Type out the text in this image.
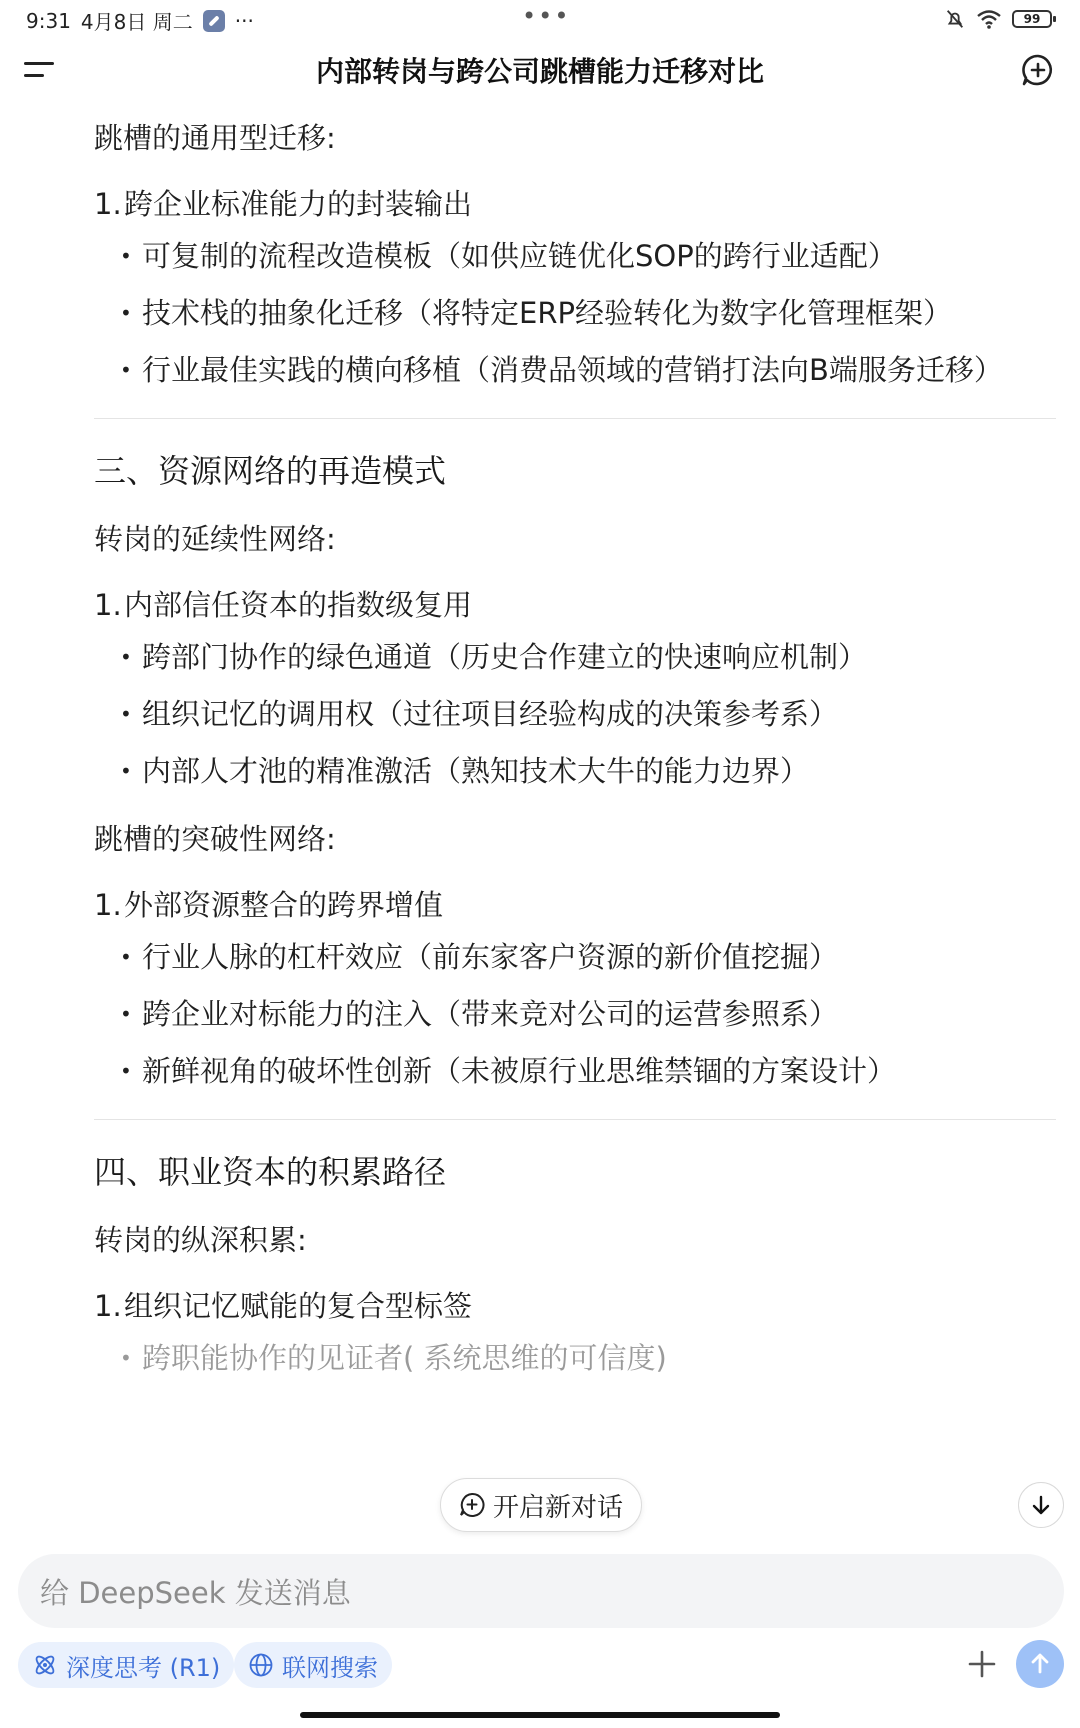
9:31 4月8日 周二 ···	•••	99
内部转岗与跨公司跳槽能力迁移对比
跳槽的通用型迁移:
1. 跨企业标准能力的封装输出
• 可复制的流程改造模板（如供应链优化SOP的跨行业适配）
• 技术栈的抽象化迁移（将特定ERP经验转化为数字化管理框架）
• 行业最佳实践的横向移植（消费品领域的营销打法向B端服务迁移）
三、资源网络的再造模式
转岗的延续性网络:
1. 内部信任资本的指数级复用
• 跨部门协作的绿色通道（历史合作建立的快速响应机制）
• 组织记忆的调用权（过往项目经验构成的决策参考系）
• 内部人才池的精准激活（熟知技术大牛的能力边界）
跳槽的突破性网络:
1. 外部资源整合的跨界增值
• 行业人脉的杠杆效应（前东家客户资源的新价值挖掘）
• 跨企业对标能力的注入（带来竞对公司的运营参照系）
• 新鲜视角的破坏性创新（未被原行业思维禁锢的方案设计）
四、职业资本的积累路径
转岗的纵深积累:
1. 组织记忆赋能的复合型标签
• 跨职能协作的见证者( 系统思维的可信度)
开启新对话
给 DeepSeek 发送消息
深度思考 (R1)	联网搜索
